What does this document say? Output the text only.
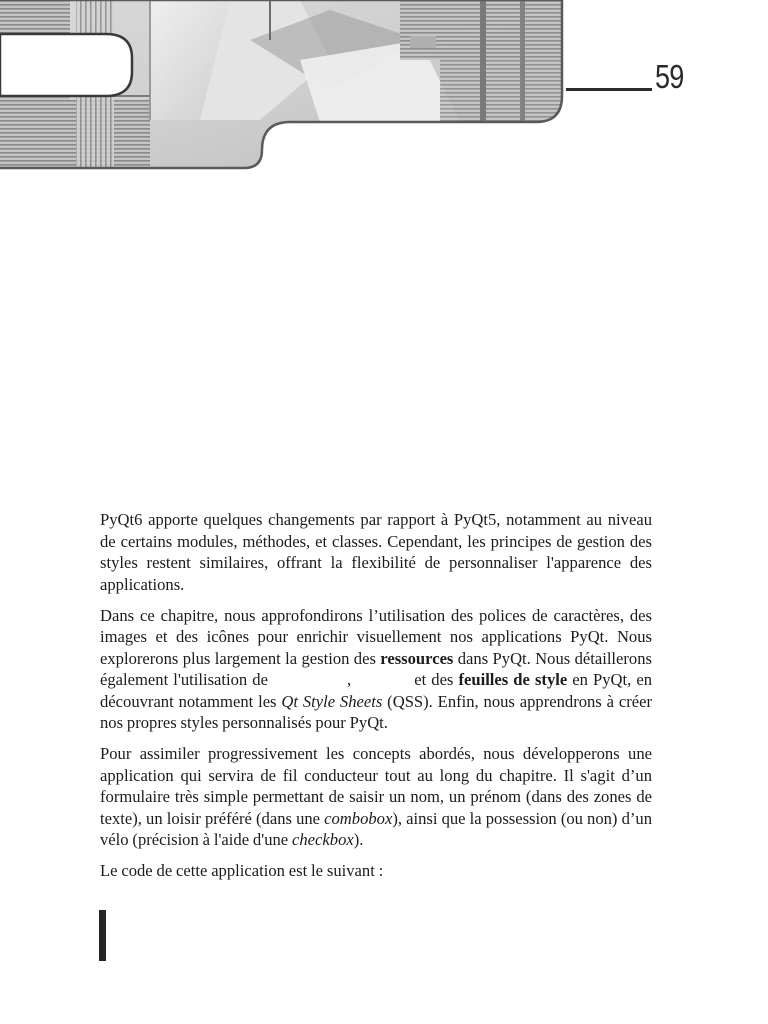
59

PyQt6 apporte quelques changements par rapport à PyQt5, notamment au niveau de certains modules, méthodes, et classes. Cependant, les principes de gestion des styles restent similaires, offrant la flexibilité de personnaliser l'apparence des applications.

Dans ce chapitre, nous approfondirons l’utilisation des polices de caractères, des images et des icônes pour enrichir visuellement nos applications PyQt. Nous explorerons plus largement la gestion des ressources dans PyQt. Nous détaillerons également l'utilisation de	,	et des feuilles de style en PyQt, en découvrant notamment les Qt Style Sheets (QSS). Enfin, nous apprendrons à créer nos propres styles personnalisés pour PyQt.

Pour assimiler progressivement les concepts abordés, nous développerons une application qui servira de fil conducteur tout au long du chapitre. Il s'agit d’un formulaire très simple permettant de saisir un nom, un prénom (dans des zones de texte), un loisir préféré (dans une combobox), ainsi que la possession (ou non) d’un vélo (précision à l'aide d'une checkbox).

Le code de cette application est le suivant :
